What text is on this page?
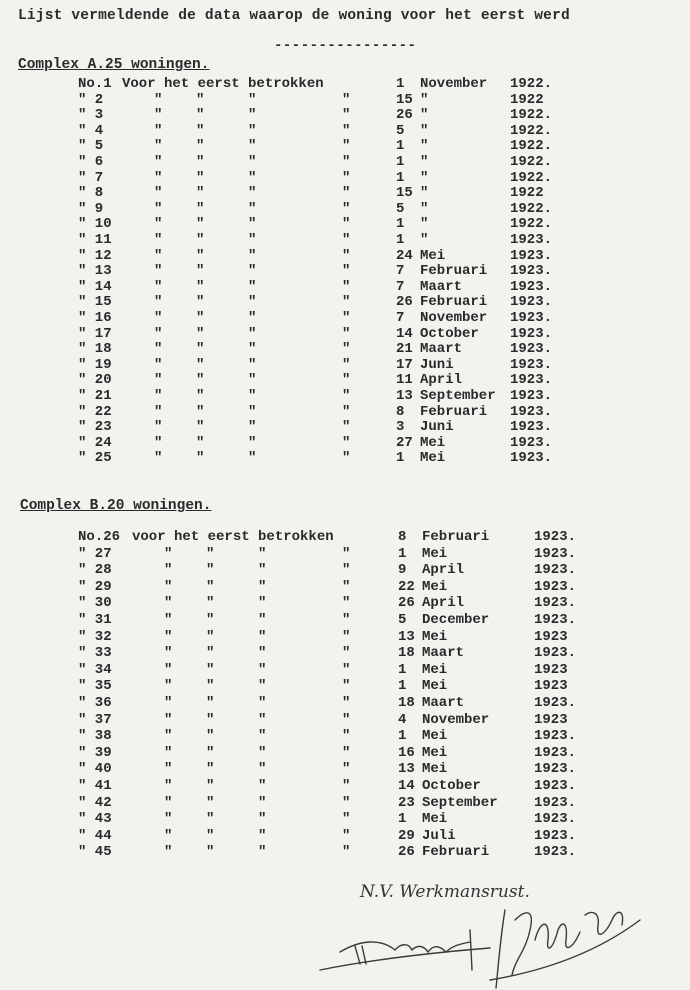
Lijst vermeldende de data waarop de woning voor het eerst werd
----------------
Complex A.25 woningen.
No.1 Voor het eerst betrokken	1 November 1922.
" 2	" "	"	"	15 "	1922
" 3	" "	"	"	26 "	1922.
" 4	" "	"	"	5 "	1922.
" 5	" "	"	"	1 "	1922.
" 6	" "	"	"	1 "	1922.
" 7	" "	"	"	1 "	1922.
" 8	" "	"	"	15 "	1922
" 9	" "	"	"	5 "	1922.
" 10	" "	"	"	1 "	1922.
" 11	" "	"	"	1 "	1923.
" 12	" "	"	"	24 Mei	1923.
" 13	" "	"	"	7 Februari 1923.
" 14	" "	"	"	7 Maart	1923.
" 15	" "	"	"	26 Februari 1923.
" 16	" "	"	"	7 November 1923.
" 17	" "	"	"	14 October 1923.
" 18	" "	"	"	21 Maart	1923.
" 19	" "	"	"	17 Juni	1923.
" 20	" "	"	"	11 April	1923.
" 21	" "	"	"	13 September 1923.
" 22	" "	"	"	8 Februari 1923.
" 23	" "	"	"	3 Juni	1923.
" 24	" "	"	"	27 Mei	1923.
" 25	" "	"	"	1 Mei	1923.
Complex B.20 woningen.
No.26 voor het eerst betrokken	8 Februari	1923.
" 27	" "	"	"	1 Mei	1923.
" 28	" "	"	"	9 April	1923.
" 29	" "	"	"	22 Mei	1923.
" 30	" "	"	"	26 April	1923.
" 31	" "	"	"	5 December	1923.
" 32	" "	"	"	13 Mei	1923
" 33	" "	"	"	18 Maart	1923.
" 34	" "	"	"	1 Mei	1923
" 35	" "	"	"	1 Mei	1923
" 36	" "	"	"	18 Maart	1923.
" 37	" "	"	"	4 November	1923
" 38	" "	"	"	1 Mei	1923.
" 39	" "	"	"	16 Mei	1923.
" 40	" "	"	"	13 Mei	1923.
" 41	" "	"	"	14 October	1923.
" 42	" "	"	"	23 September	1923.
" 43	" "	"	"	1 Mei	1923.
" 44	" "	"	"	29 Juli	1923.
" 45	" "	"	"	26 Februari	1923.
N.V. Werkmansrust.
